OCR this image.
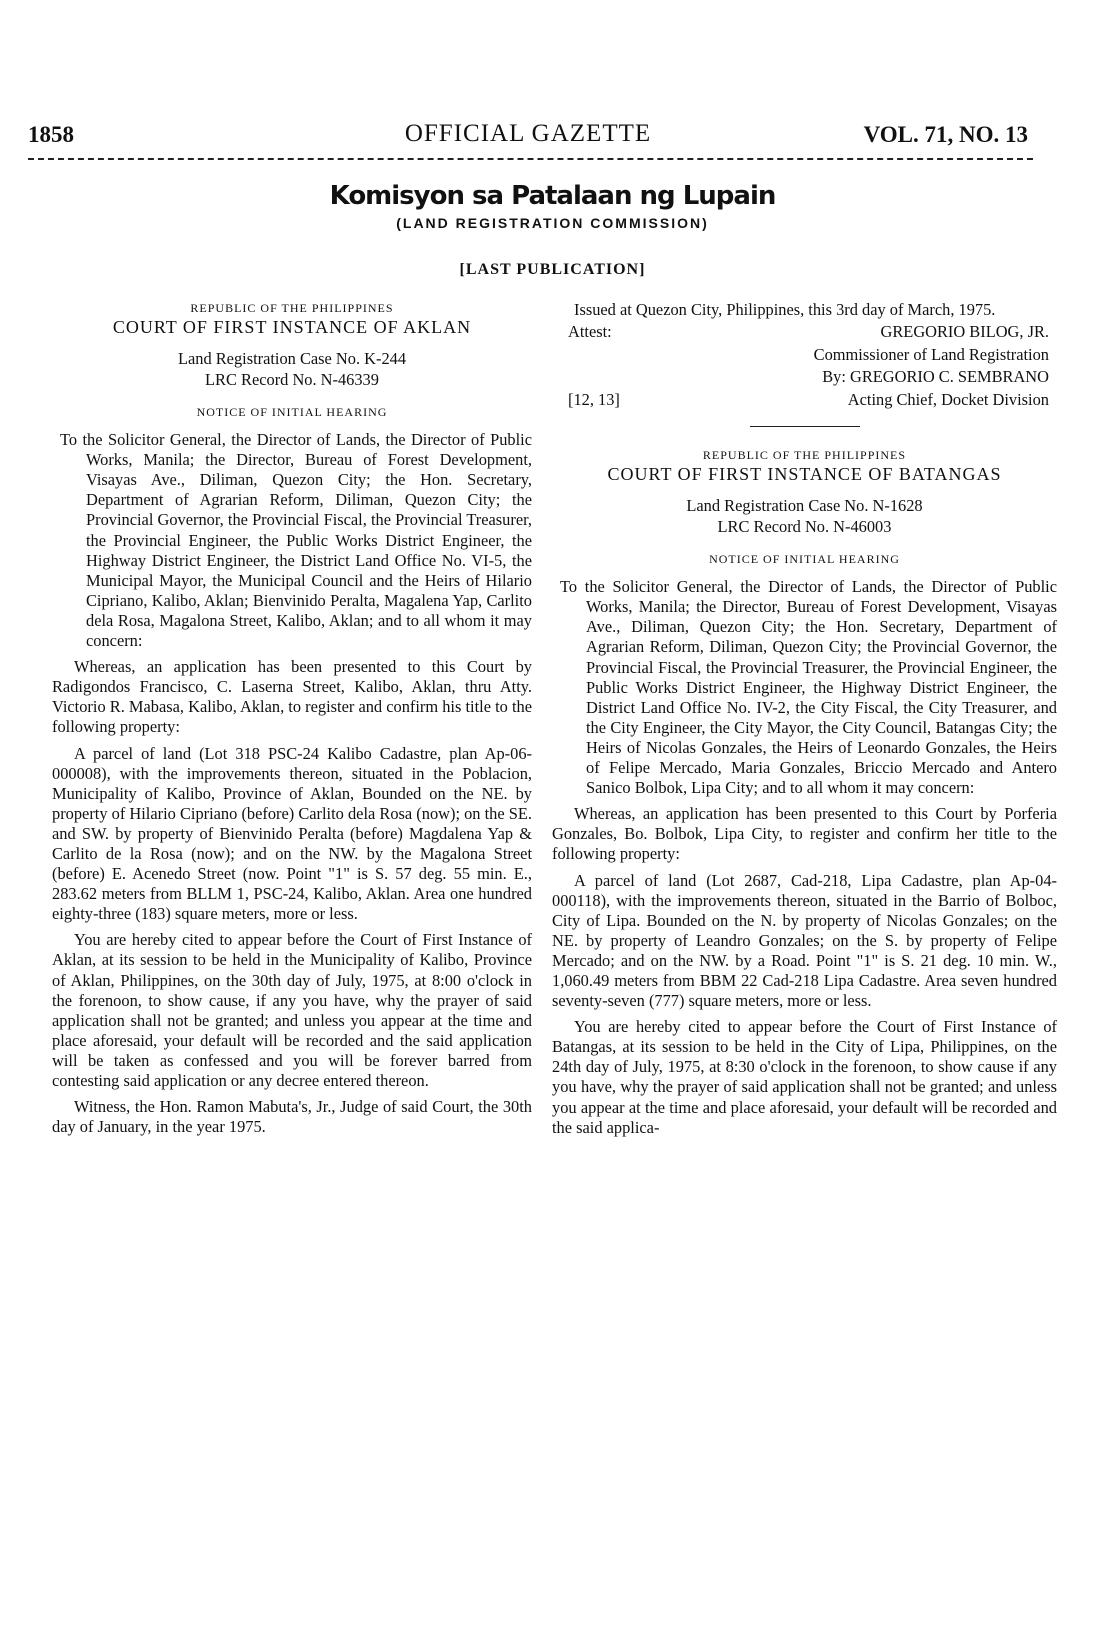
1858	OFFICIAL GAZETTE	VOL. 71, NO. 13
Komisyon sa Patalaan ng Lupain
(LAND REGISTRATION COMMISSION)
[LAST PUBLICATION]
REPUBLIC OF THE PHILIPPINES
COURT OF FIRST INSTANCE OF AKLAN
Land Registration Case No. K-244
LRC Record No. N-46339
NOTICE OF INITIAL HEARING

To the Solicitor General, the Director of Lands, the Director of Public Works, Manila; the Director, Bureau of Forest Development, Visayas Ave., Diliman, Quezon City; the Hon. Secretary, Department of Agrarian Reform, Diliman, Quezon City; the Provincial Governor, the Provincial Fiscal, the Provincial Treasurer, the Provincial Engineer, the Public Works District Engineer, the Highway District Engineer, the District Land Office No. VI-5, the Municipal Mayor, the Municipal Council and the Heirs of Hilario Cipriano, Kalibo, Aklan; Bienvinido Peralta, Magalena Yap, Carlito dela Rosa, Magalona Street, Kalibo, Aklan; and to all whom it may concern:

Whereas, an application has been presented to this Court by Radigondos Francisco, C. Laserna Street, Kalibo, Aklan, thru Atty. Victorio R. Mabasa, Kalibo, Aklan, to register and confirm his title to the following property:

A parcel of land (Lot 318 PSC-24 Kalibo Cadastre, plan Ap-06-000008), with the improvements thereon, situated in the Poblacion, Municipality of Kalibo, Province of Aklan, Bounded on the NE. by property of Hilario Cipriano (before) Carlito dela Rosa (now); on the SE. and SW. by property of Bienvinido Peralta (before) Magdalena Yap & Carlito de la Rosa (now); and on the NW. by the Magalona Street (before) E. Acenedo Street (now. Point "1" is S. 57 deg. 55 min. E., 283.62 meters from BLLM 1, PSC-24, Kalibo, Aklan. Area one hundred eighty-three (183) square meters, more or less.

You are hereby cited to appear before the Court of First Instance of Aklan, at its session to be held in the Municipality of Kalibo, Province of Aklan, Philippines, on the 30th day of July, 1975, at 8:00 o'clock in the forenoon, to show cause, if any you have, why the prayer of said application shall not be granted; and unless you appear at the time and place aforesaid, your default will be recorded and the said application will be taken as confessed and you will be forever barred from contesting said application or any decree entered thereon.

Witness, the Hon. Ramon Mabuta's, Jr., Judge of said Court, the 30th day of January, in the year 1975.

Issued at Quezon City, Philippines, this 3rd day of March, 1975.

Attest:	GREGORIO BILOG, JR.
Commissioner of Land Registration
By: GREGORIO C. SEMBRANO
[12, 13]	Acting Chief, Docket Division
REPUBLIC OF THE PHILIPPINES
COURT OF FIRST INSTANCE OF BATANGAS
Land Registration Case No. N-1628
LRC Record No. N-46003
NOTICE OF INITIAL HEARING

To the Solicitor General, the Director of Lands, the Director of Public Works, Manila; the Director, Bureau of Forest Development, Visayas Ave., Diliman, Quezon City; the Hon. Secretary, Department of Agrarian Reform, Diliman, Quezon City; the Provincial Governor, the Provincial Fiscal, the Provincial Treasurer, the Provincial Engineer, the Public Works District Engineer, the Highway District Engineer, the District Land Office No. IV-2, the City Fiscal, the City Treasurer, and the City Engineer, the City Mayor, the City Council, Batangas City; the Heirs of Nicolas Gonzales, the Heirs of Leonardo Gonzales, the Heirs of Felipe Mercado, Maria Gonzales, Briccio Mercado and Antero Sanico Bolbok, Lipa City; and to all whom it may concern:

Whereas, an application has been presented to this Court by Porferia Gonzales, Bo. Bolbok, Lipa City, to register and confirm her title to the following property:

A parcel of land (Lot 2687, Cad-218, Lipa Cadastre, plan Ap-04-000118), with the improvements thereon, situated in the Barrio of Bolboc, City of Lipa. Bounded on the N. by property of Nicolas Gonzales; on the NE. by property of Leandro Gonzales; on the S. by property of Felipe Mercado; and on the NW. by a Road. Point "1" is S. 21 deg. 10 min. W., 1,060.49 meters from BBM 22 Cad-218 Lipa Cadastre. Area seven hundred seventy-seven (777) square meters, more or less.

You are hereby cited to appear before the Court of First Instance of Batangas, at its session to be held in the City of Lipa, Philippines, on the 24th day of July, 1975, at 8:30 o'clock in the forenoon, to show cause if any you have, why the prayer of said application shall not be granted; and unless you appear at the time and place aforesaid, your default will be recorded and the said applica-
